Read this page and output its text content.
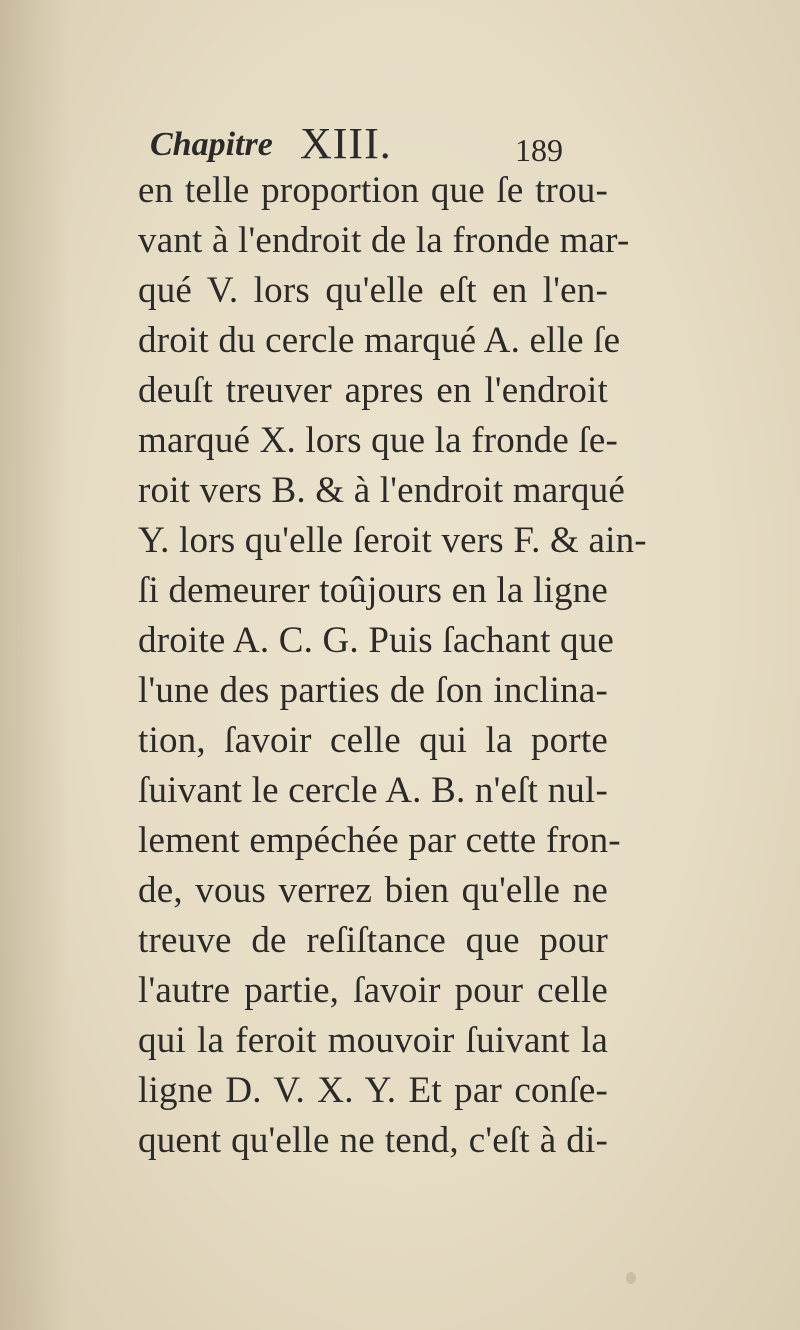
Chapitre XIII.	189
en telle proportion que ſe trou-
vant à l'endroit de la fronde mar-
qué V. lors qu'elle eſt en l'en-
droit du cercle marqué A. elle ſe
deuſt treuver apres en l'endroit
marqué X. lors que la fronde ſe-
roit vers B. & à l'endroit marqué
Y. lors qu'elle ſeroit vers F. & ain-
ſi demeurer toûjours en la ligne
droite A. C. G. Puis ſachant que
l'une des parties de ſon inclina-
tion, ſavoir celle qui la porte
ſuivant le cercle A. B. n'eſt nul-
lement empéchée par cette fron-
de, vous verrez bien qu'elle ne
treuve de reſiſtance que pour
l'autre partie, ſavoir pour celle
qui la feroit mouvoir ſuivant la
ligne D. V. X. Y. Et par conſe-
quent qu'elle ne tend, c'eſt à di-
